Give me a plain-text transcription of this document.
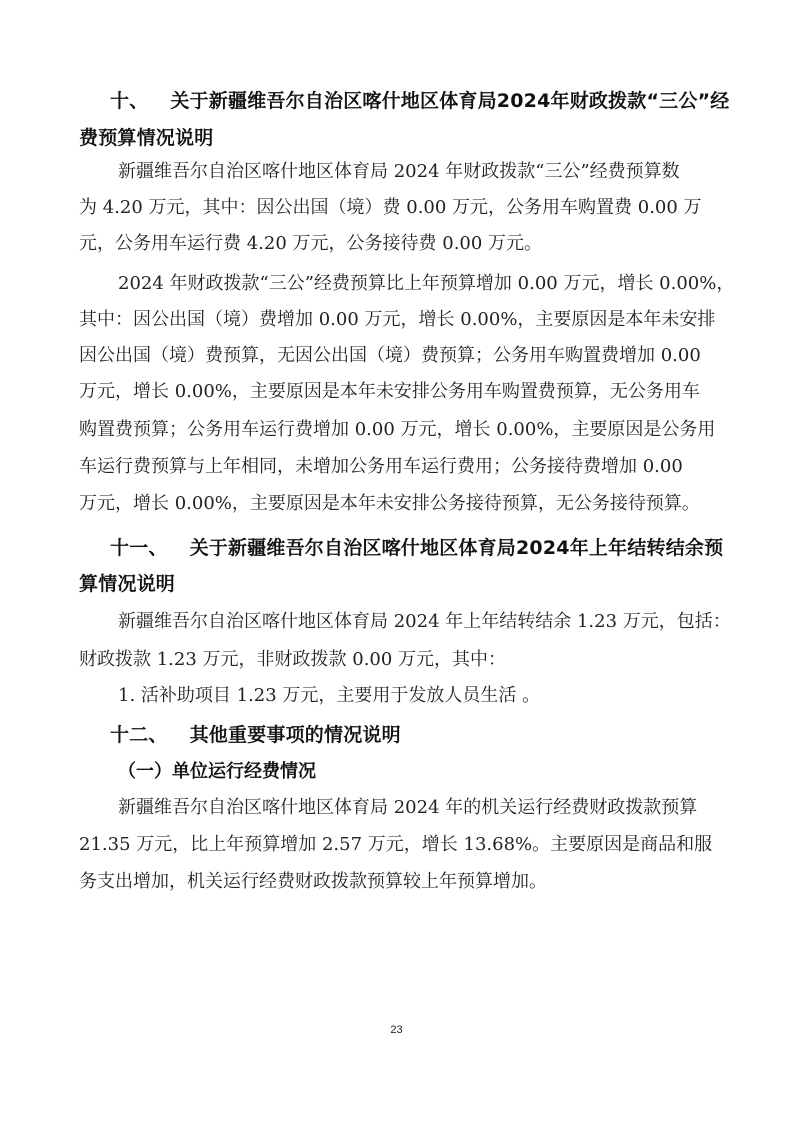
十、 关于新疆维吾尔自治区喀什地区体育局2024年财政拨款“三公”经
费预算情况说明
新疆维吾尔自治区喀什地区体育局 2024 年财政拨款“三公”经费预算数
为 4.20 万元，其中：因公出国（境）费 0.00 万元，公务用车购置费 0.00 万
元，公务用车运行费 4.20 万元，公务接待费 0.00 万元。
2024 年财政拨款“三公”经费预算比上年预算增加 0.00 万元，增长 0.00%，
其中：因公出国（境）费增加 0.00 万元，增长 0.00%，主要原因是本年未安排
因公出国（境）费预算，无因公出国（境）费预算；公务用车购置费增加 0.00
万元，增长 0.00%，主要原因是本年未安排公务用车购置费预算，无公务用车
购置费预算；公务用车运行费增加 0.00 万元，增长 0.00%，主要原因是公务用
车运行费预算与上年相同，未增加公务用车运行费用；公务接待费增加 0.00
万元，增长 0.00%，主要原因是本年未安排公务接待预算，无公务接待预算。
十一、 关于新疆维吾尔自治区喀什地区体育局2024年上年结转结余预
算情况说明
新疆维吾尔自治区喀什地区体育局 2024 年上年结转结余 1.23 万元，包括：
财政拨款 1.23 万元，非财政拨款 0.00 万元，其中：
1. 活补助项目 1.23 万元，主要用于发放人员生活 。
十二、 其他重要事项的情况说明
（一）单位运行经费情况
新疆维吾尔自治区喀什地区体育局 2024 年的机关运行经费财政拨款预算
21.35 万元，比上年预算增加 2.57 万元，增长 13.68%。主要原因是商品和服
务支出增加，机关运行经费财政拨款预算较上年预算增加。
23
